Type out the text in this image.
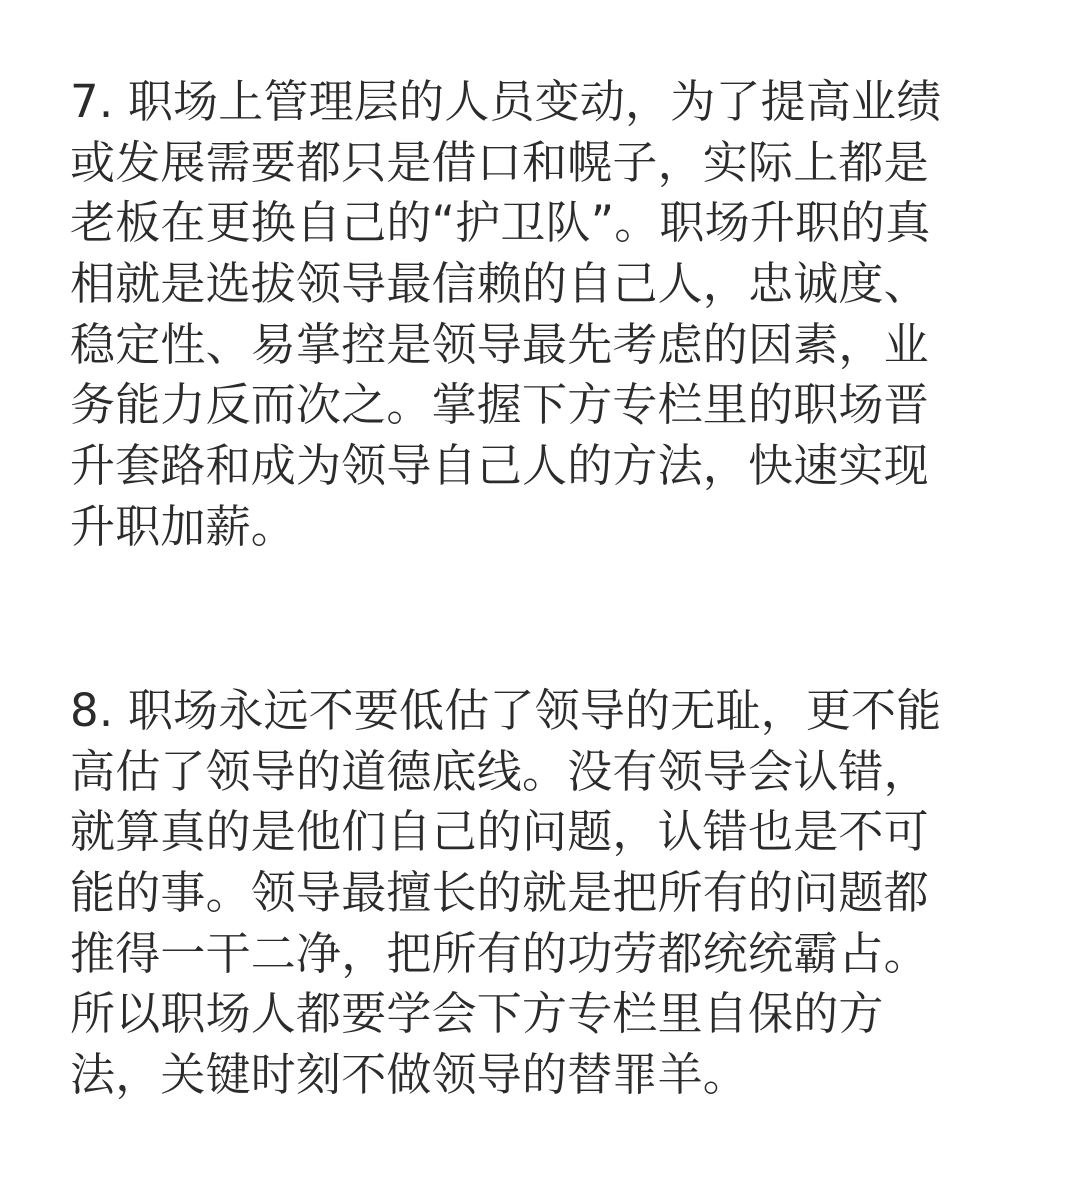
7. 职场上管理层的人员变动，为了提高业绩
或发展需要都只是借口和幌子，实际上都是
老板在更换自己的“护卫队”。职场升职的真
相就是选拔领导最信赖的自己人，忠诚度、
稳定性、易掌控是领导最先考虑的因素，业
务能力反而次之。掌握下方专栏里的职场晋
升套路和成为领导自己人的方法，快速实现
升职加薪。
8. 职场永远不要低估了领导的无耻，更不能
高估了领导的道德底线。没有领导会认错，
就算真的是他们自己的问题，认错也是不可
能的事。领导最擅长的就是把所有的问题都
推得一干二净，把所有的功劳都统统霸占。
所以职场人都要学会下方专栏里自保的方
法，关键时刻不做领导的替罪羊。
